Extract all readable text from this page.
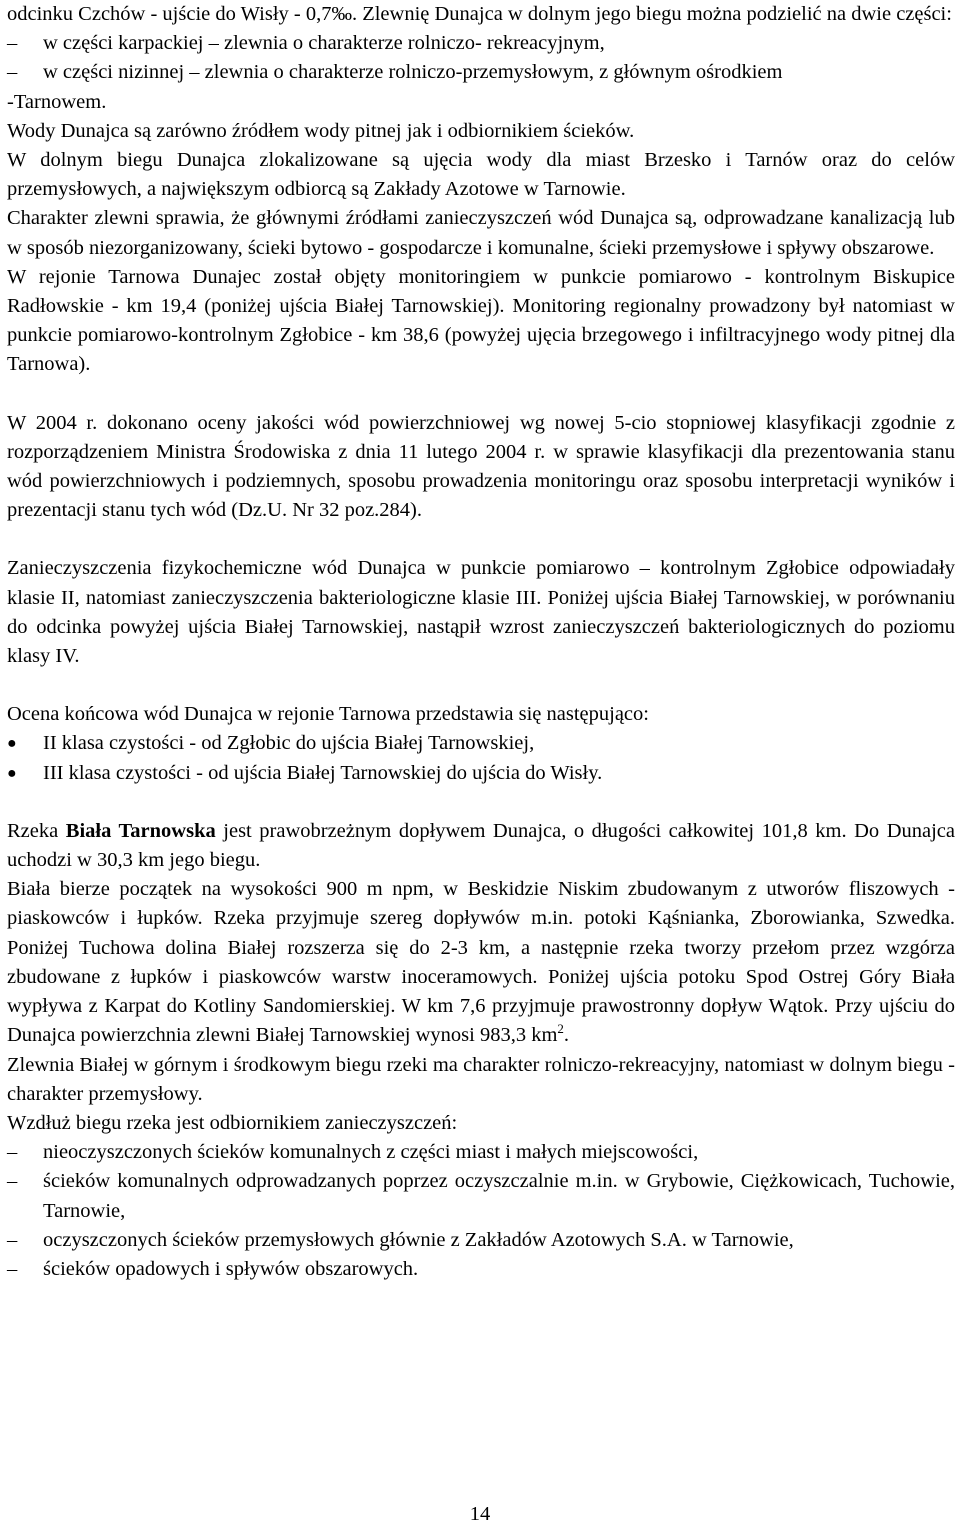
odcinku Czchów - ujście do Wisły - 0,7‰. Zlewnię Dunajca w dolnym jego biegu można podzielić na dwie części:

– w części karpackiej – zlewnia o charakterze rolniczo- rekreacyjnym,
– w części nizinnej – zlewnia o charakterze rolniczo-przemysłowym, z głównym ośrodkiem

-Tarnowem.

Wody Dunajca są zarówno źródłem wody pitnej jak i odbiornikiem ścieków.

W dolnym biegu Dunajca zlokalizowane są ujęcia wody dla miast Brzesko i Tarnów oraz do celów przemysłowych, a największym odbiorcą są Zakłady Azotowe w Tarnowie.

Charakter zlewni sprawia, że głównymi źródłami zanieczyszczeń wód Dunajca są, odprowadzane kanalizacją lub w sposób niezorganizowany, ścieki bytowo - gospodarcze i komunalne, ścieki przemysłowe i spływy obszarowe.

W rejonie Tarnowa Dunajec został objęty monitoringiem w punkcie pomiarowo - kontrolnym Biskupice Radłowskie - km 19,4 (poniżej ujścia Białej Tarnowskiej). Monitoring regionalny prowadzony był natomiast w punkcie pomiarowo-kontrolnym Zgłobice - km 38,6 (powyżej ujęcia brzegowego i infiltracyjnego wody pitnej dla Tarnowa).

W 2004 r. dokonano oceny jakości wód powierzchniowej wg nowej 5-cio stopniowej klasyfikacji zgodnie z rozporządzeniem Ministra Środowiska z dnia 11 lutego 2004 r. w sprawie klasyfikacji dla prezentowania stanu wód powierzchniowych i podziemnych, sposobu prowadzenia monitoringu oraz sposobu interpretacji wyników i prezentacji stanu tych wód (Dz.U. Nr 32 poz.284).

Zanieczyszczenia fizykochemiczne wód Dunajca w punkcie pomiarowo – kontrolnym Zgłobice odpowiadały klasie II, natomiast zanieczyszczenia bakteriologiczne klasie III. Poniżej ujścia Białej Tarnowskiej, w porównaniu do odcinka powyżej ujścia Białej Tarnowskiej, nastąpił wzrost zanieczyszczeń bakteriologicznych do poziomu klasy IV.

Ocena końcowa wód Dunajca w rejonie Tarnowa przedstawia się następująco:

● II klasa czystości - od Zgłobic do ujścia Białej Tarnowskiej,
● III klasa czystości - od ujścia Białej Tarnowskiej do ujścia do Wisły.

Rzeka Biała Tarnowska jest prawobrzeżnym dopływem Dunajca, o długości całkowitej 101,8 km. Do Dunajca uchodzi w 30,3 km jego biegu.

Biała bierze początek na wysokości 900 m npm, w Beskidzie Niskim zbudowanym z utworów fliszowych - piaskowców i łupków. Rzeka przyjmuje szereg dopływów m.in. potoki Kąśnianka, Zborowianka, Szwedka. Poniżej Tuchowa dolina Białej rozszerza się do 2-3 km, a następnie rzeka tworzy przełom przez wzgórza zbudowane z łupków i piaskowców warstw inoceramowych. Poniżej ujścia potoku Spod Ostrej Góry Biała wypływa z Karpat do Kotliny Sandomierskiej. W km 7,6 przyjmuje prawostronny dopływ Wątok. Przy ujściu do Dunajca powierzchnia zlewni Białej Tarnowskiej wynosi 983,3 $km^2$.

Zlewnia Białej w górnym i środkowym biegu rzeki ma charakter rolniczo-rekreacyjny, natomiast w dolnym biegu - charakter przemysłowy.

Wzdłuż biegu rzeka jest odbiornikiem zanieczyszczeń:

– nieoczyszczonych ścieków komunalnych z części miast i małych miejscowości,
– ścieków komunalnych odprowadzanych poprzez oczyszczalnie m.in. w Grybowie, Ciężkowicach, Tuchowie, Tarnowie,
– oczyszczonych ścieków przemysłowych głównie z Zakładów Azotowych S.A. w Tarnowie,
– ścieków opadowych i spływów obszarowych.
14
